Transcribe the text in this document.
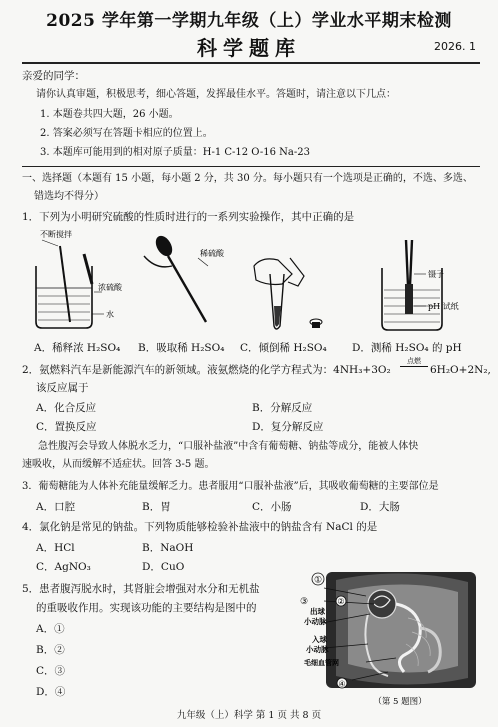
2025 学年第一学期九年级（上）学业水平期末检测
科学题库	2026. 1
亲爱的同学：
请你认真审题，积极思考，细心答题，发挥最佳水平。答题时，请注意以下几点：
1. 本题卷共四大题，26 小题。
2. 答案必须写在答题卡相应的位置上。
3. 本题库可能用到的相对原子质量：H-1 C-12 O-16 Na-23
一、选择题（本题有 15 小题，每小题 2 分，共 30 分。每小题只有一个选项是正确的，不选、多选、
错选均不得分）
1．下列为小明研究硫酸的性质时进行的一系列实验操作，其中正确的是
不断搅拌
浓硫酸
水
稀硫酸
镊子
pH 试纸
A．稀释浓 H₂SO₄ B．吸取稀 H₂SO₄ C．倾倒稀 H₂SO₄ D．测稀 H₂SO₄ 的 pH
2．氨燃料汽车是新能源汽车的新领域。液氨燃烧的化学方程式为：4NH₃+3O₂
点燃
6H₂O+2N₂,
该反应属于
A．化合反应	B．分解反应
C．置换反应	D．复分解反应
急性腹泻会导致人体脱水乏力，“口服补盐液”中含有葡萄糖、钠盐等成分，能被人体快
速吸收，从而缓解不适症状。回答 3-5 题。
3．葡萄糖能为人体补充能量缓解乏力。患者服用“口服补盐液”后，其吸收葡萄糖的主要部位是
A．口腔	B．胃	C．小肠	D．大肠
4．氯化钠是常见的钠盐。下列物质能够检验补盐液中的钠盐含有 NaCl 的是
A．HCl	B．NaOH
C．AgNO₃	D．CuO
5．患者腹泻脱水时，其肾脏会增强对水分和无机盐
的重吸收作用。实现该功能的主要结构是图中的
A．①
B．②
C．③
D．④
①
②
③
④
出球
小动脉
入球
小动脉
毛细血管网
（第 5 题图）
九年级（上）科学 第 1 页 共 8 页
